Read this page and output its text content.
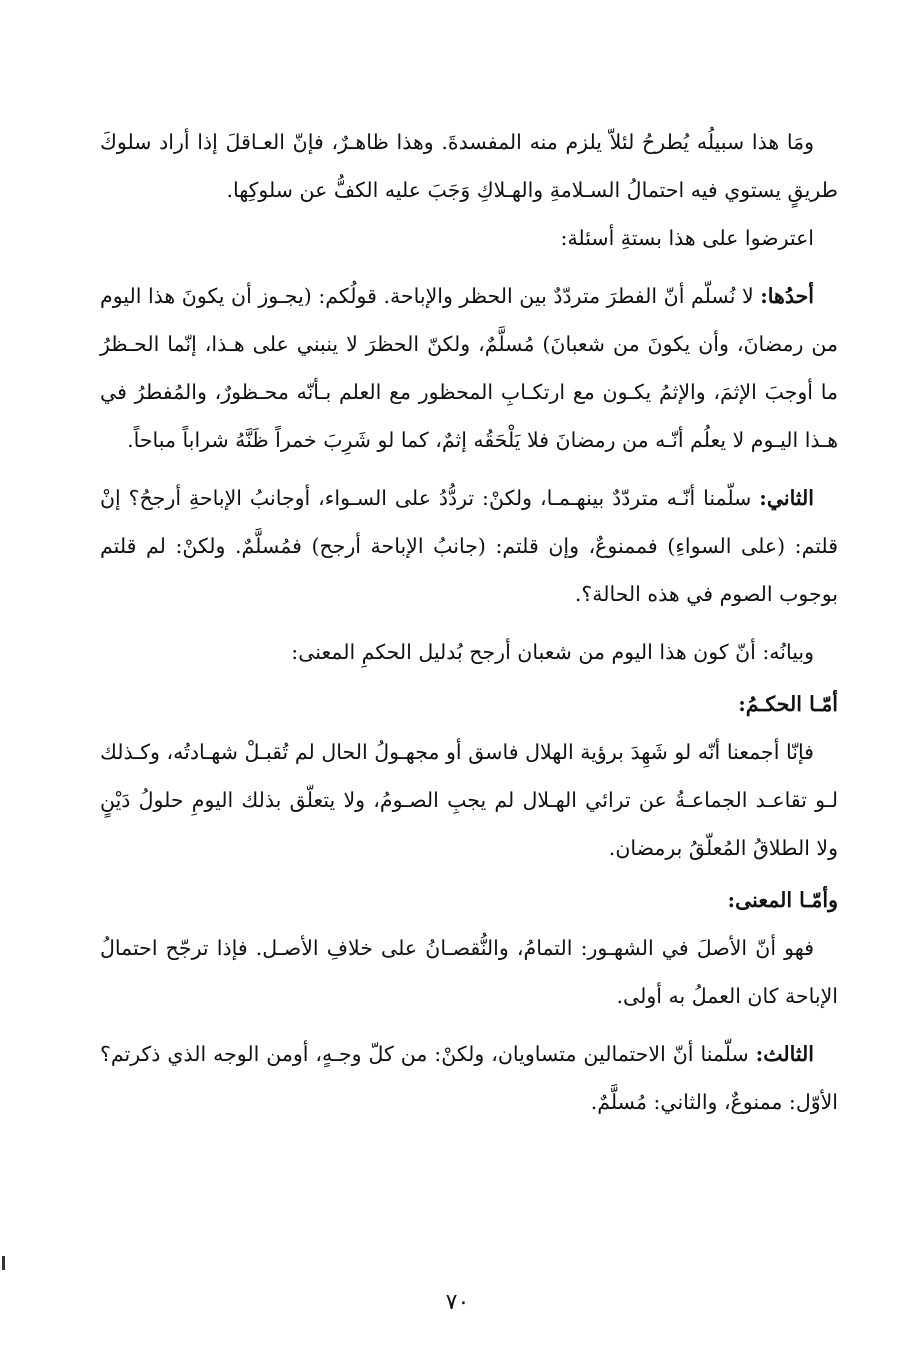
ومَا هذا سبيلُه يُطرحُ لئلاّ يلزم منه المفسدةَ. وهذا ظاهـرٌ، فإنّ العـاقلَ إذا أراد سلوكَ طريقٍ يستوي فيه احتمالُ السـلامةِ والهـلاكِ وَجَبَ عليه الكفُّ عن سلوكِها.

اعترضوا على هذا بستةِ أسئلة:

أحدُها: لا نُسلّم أنّ الفطرَ متردّدٌ بين الحظر والإباحة. قولُكم: (يجـوز أن يكونَ هذا اليوم من رمضانَ، وأن يكونَ من شعبانَ) مُسلَّمٌ، ولكنّ الحظرَ لا ينبني على هـذا، إنّما الحـظرُ ما أوجبَ الإثمَ، والإثمُ يكـون مع ارتكـابِ المحظور مع العلم بـأنّه محـظورٌ، والمُفطرُ في هـذا اليـوم لا يعلُم أنّـه من رمضانَ فلا يَلْحَقُه إثمٌ، كما لو شَرِبَ خمراً ظَنَّهُ شراباً مباحاً.

الثاني: سلّمنا أنّـه متردّدٌ بينهـمـا، ولكنْ: تردُّدُ على السـواء، أوجانبُ الإباحةِ أرجحُ؟ إنْ قلتم: (على السواءِ) فممنوعٌ، وإن قلتم: (جانبُ الإباحة أرجح) فمُسلَّمٌ. ولكنْ: لم قلتم بوجوب الصوم في هذه الحالة؟.

وبيانُه: أنّ كون هذا اليوم من شعبان أرجح بُدليل الحكمِ المعنى:

أمّـا الحكـمُ:

فإنّا أجمعنا أنّه لو شَهِدَ برؤية الهلال فاسق أو مجهـولُ الحال لم تُقبـلْ شهـادتُه، وكـذلك لـو تقاعـد الجماعـةُ عن ترائي الهـلال لم يجبِ الصـومُ، ولا يتعلّق بذلك اليومِ حلولُ دَيْنٍ ولا الطلاقُ المُعلّقُ برمضان.

وأمّـا المعنى:

فهو أنّ الأصلَ في الشهـور: التمامُ، والنُّقصـانُ على خلافِ الأصـل. فإذا ترجّح احتمالُ الإباحة كان العملُ به أولى.

الثالث: سلّمنا أنّ الاحتمالين متساويان، ولكنْ: من كلّ وجـهٍ، أومن الوجه الذي ذكرتم؟ الأوّل: ممنوعٌ، والثاني: مُسلَّمٌ.

٧٠
